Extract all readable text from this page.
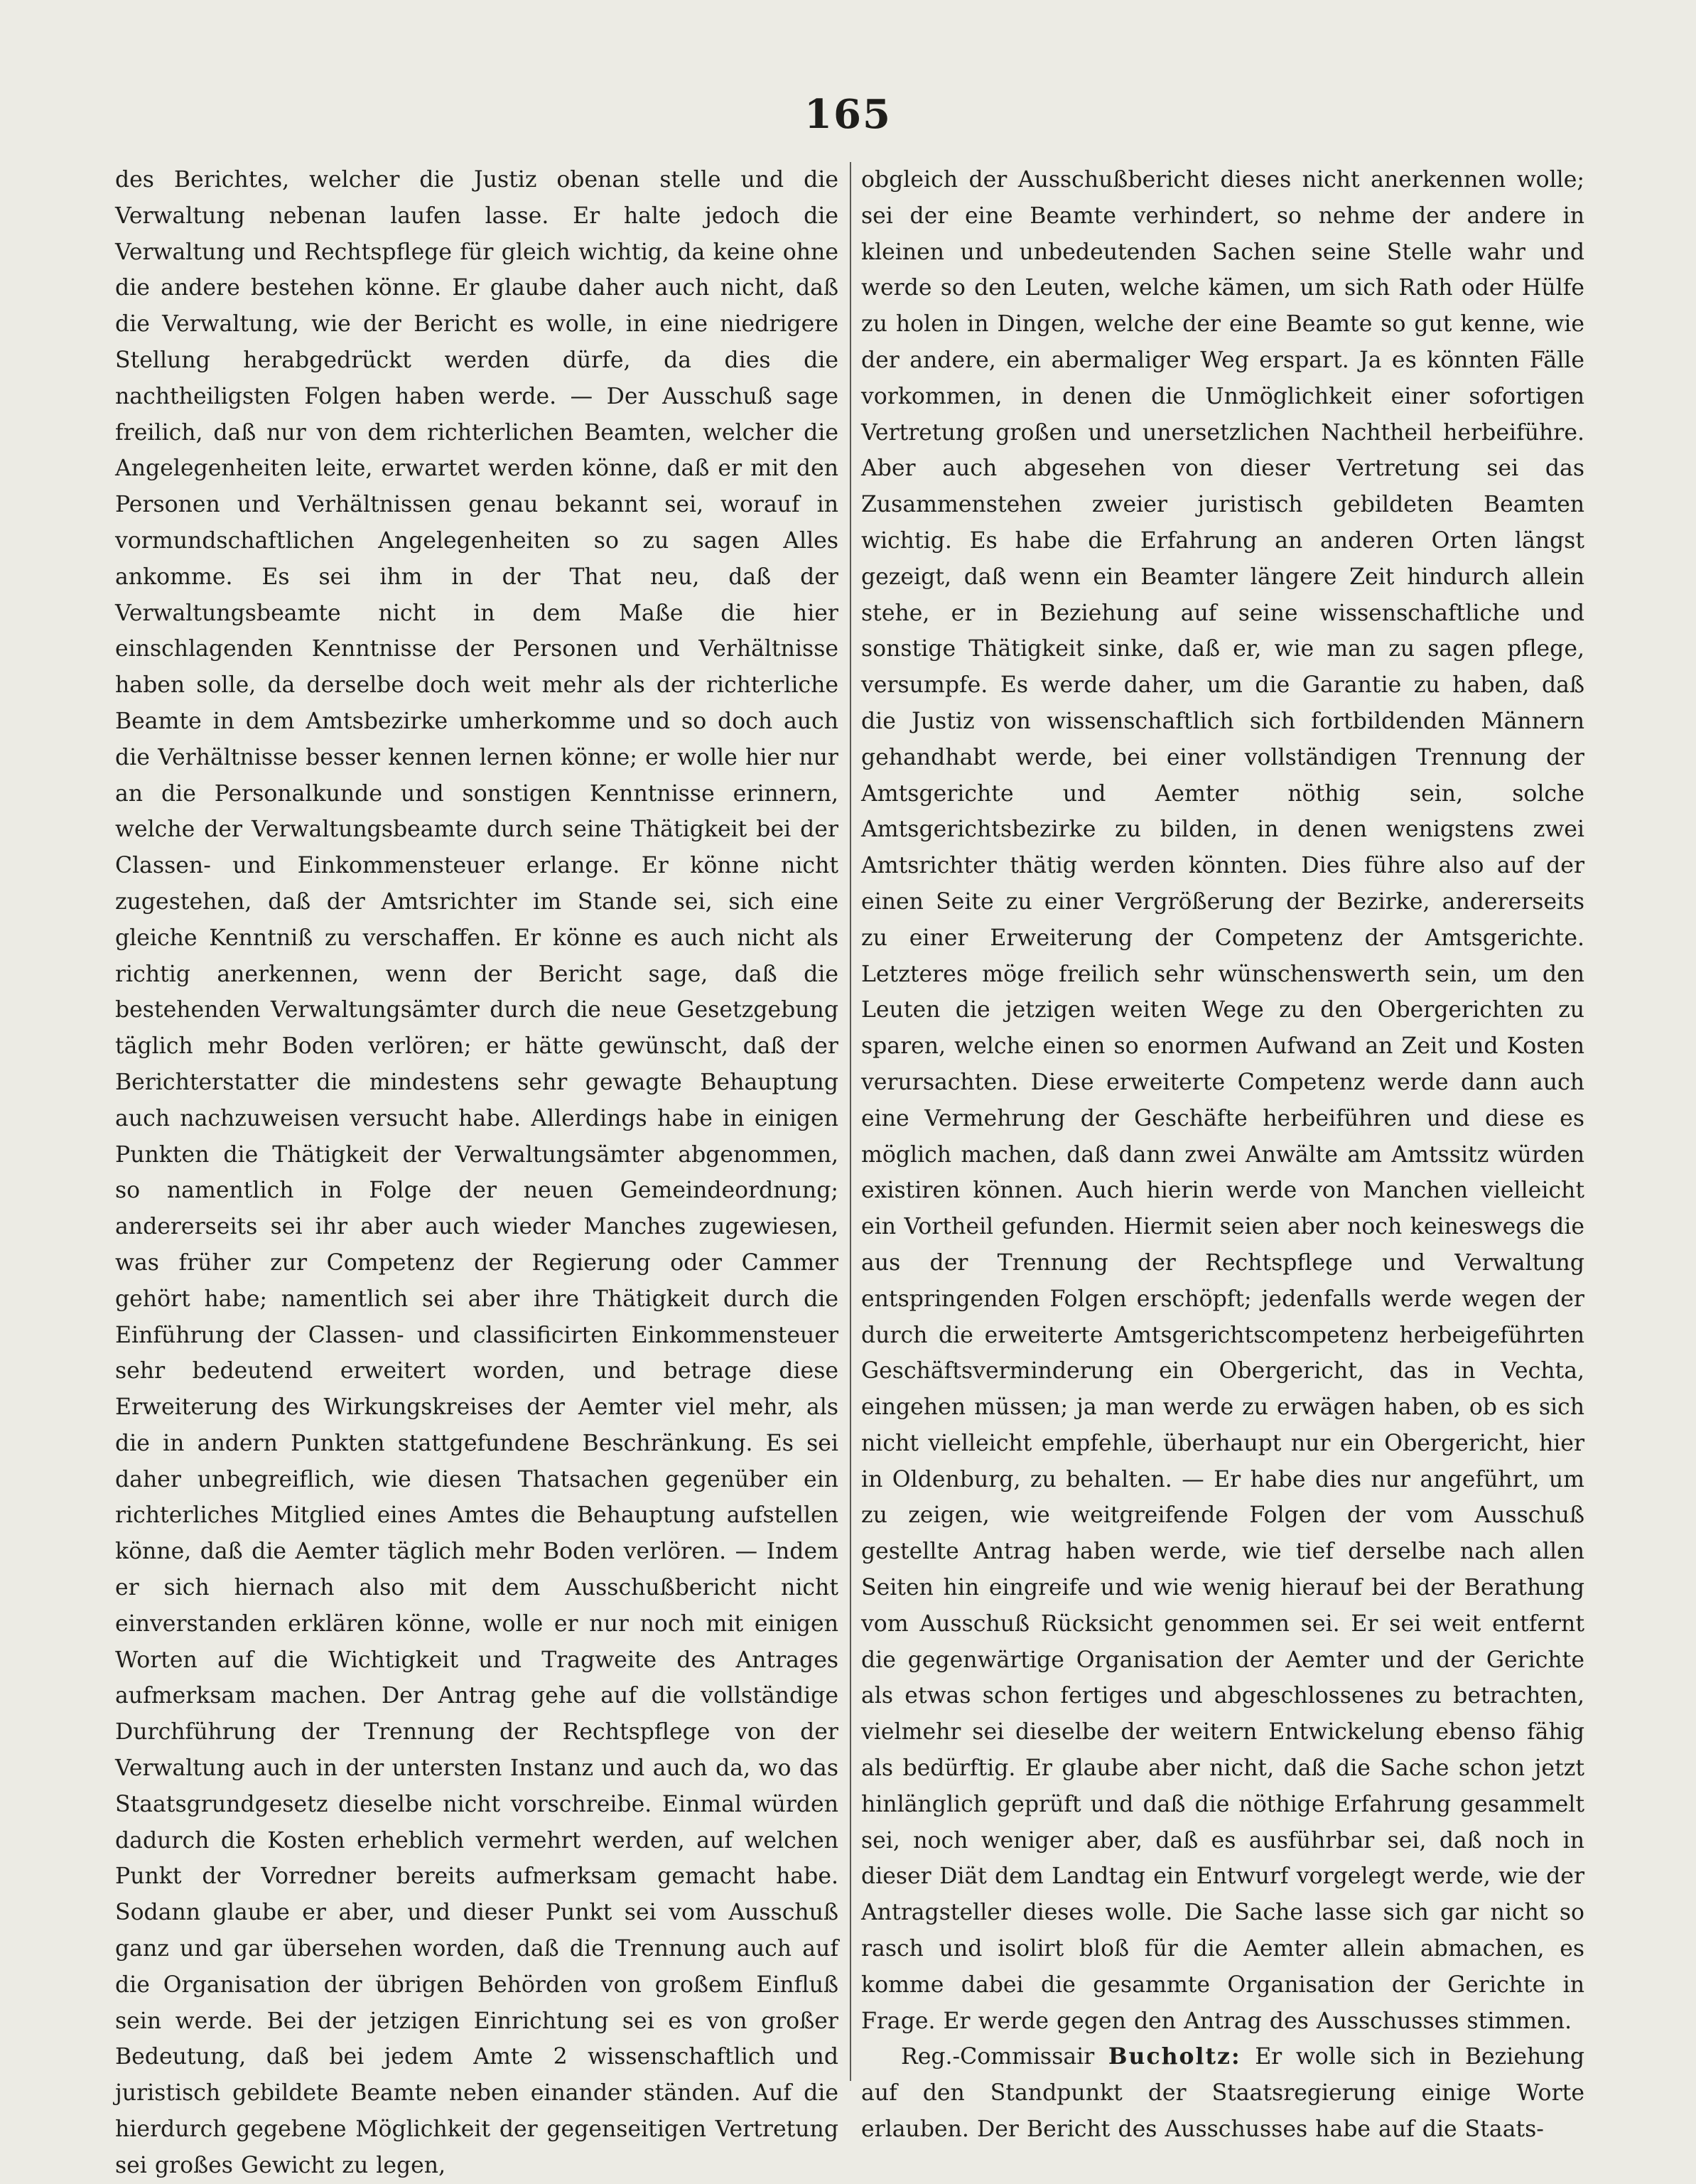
165

des Berichtes, welcher die Justiz obenan stelle und die Verwaltung nebenan laufen lasse. Er halte jedoch die Verwaltung und Rechtspflege für gleich wichtig, da keine ohne die andere bestehen könne. Er glaube daher auch nicht, daß die Verwaltung, wie der Bericht es wolle, in eine niedrigere Stellung herabgedrückt werden dürfe, da dies die nachtheiligsten Folgen haben werde. — Der Ausschuß sage freilich, daß nur von dem richterlichen Beamten, welcher die Angelegenheiten leite, erwartet werden könne, daß er mit den Personen und Verhältnissen genau bekannt sei, worauf in vormundschaftlichen Angelegenheiten so zu sagen Alles ankomme. Es sei ihm in der That neu, daß der Verwaltungsbeamte nicht in dem Maße die hier einschlagenden Kenntnisse der Personen und Verhältnisse haben solle, da derselbe doch weit mehr als der richterliche Beamte in dem Amtsbezirke umherkomme und so doch auch die Verhältnisse besser kennen lernen könne; er wolle hier nur an die Personalkunde und sonstigen Kenntnisse erinnern, welche der Verwaltungsbeamte durch seine Thätigkeit bei der Classen- und Einkommensteuer erlange. Er könne nicht zugestehen, daß der Amtsrichter im Stande sei, sich eine gleiche Kenntniß zu verschaffen. Er könne es auch nicht als richtig anerkennen, wenn der Bericht sage, daß die bestehenden Verwaltungsämter durch die neue Gesetzgebung täglich mehr Boden verlören; er hätte gewünscht, daß der Berichterstatter die mindestens sehr gewagte Behauptung auch nachzuweisen versucht habe. Allerdings habe in einigen Punkten die Thätigkeit der Verwaltungsämter abgenommen, so namentlich in Folge der neuen Gemeindeordnung; andererseits sei ihr aber auch wieder Manches zugewiesen, was früher zur Competenz der Regierung oder Cammer gehört habe; namentlich sei aber ihre Thätigkeit durch die Einführung der Classen- und classificirten Einkommensteuer sehr bedeutend erweitert worden, und betrage diese Erweiterung des Wirkungskreises der Aemter viel mehr, als die in andern Punkten stattgefundene Beschränkung. Es sei daher unbegreiflich, wie diesen Thatsachen gegenüber ein richterliches Mitglied eines Amtes die Behauptung aufstellen könne, daß die Aemter täglich mehr Boden verlören. — Indem er sich hiernach also mit dem Ausschußbericht nicht einverstanden erklären könne, wolle er nur noch mit einigen Worten auf die Wichtigkeit und Tragweite des Antrages aufmerksam machen. Der Antrag gehe auf die vollständige Durchführung der Trennung der Rechtspflege von der Verwaltung auch in der untersten Instanz und auch da, wo das Staatsgrundgesetz dieselbe nicht vorschreibe. Einmal würden dadurch die Kosten erheblich vermehrt werden, auf welchen Punkt der Vorredner bereits aufmerksam gemacht habe. Sodann glaube er aber, und dieser Punkt sei vom Ausschuß ganz und gar übersehen worden, daß die Trennung auch auf die Organisation der übrigen Behörden von großem Einfluß sein werde. Bei der jetzigen Einrichtung sei es von großer Bedeutung, daß bei jedem Amte 2 wissenschaftlich und juristisch gebildete Beamte neben einander ständen. Auf die hierdurch gegebene Möglichkeit der gegenseitigen Vertretung sei großes Gewicht zu legen,

obgleich der Ausschußbericht dieses nicht anerkennen wolle; sei der eine Beamte verhindert, so nehme der andere in kleinen und unbedeutenden Sachen seine Stelle wahr und werde so den Leuten, welche kämen, um sich Rath oder Hülfe zu holen in Dingen, welche der eine Beamte so gut kenne, wie der andere, ein abermaliger Weg erspart. Ja es könnten Fälle vorkommen, in denen die Unmöglichkeit einer sofortigen Vertretung großen und unersetzlichen Nachtheil herbeiführe. Aber auch abgesehen von dieser Vertretung sei das Zusammenstehen zweier juristisch gebildeten Beamten wichtig. Es habe die Erfahrung an anderen Orten längst gezeigt, daß wenn ein Beamter längere Zeit hindurch allein stehe, er in Beziehung auf seine wissenschaftliche und sonstige Thätigkeit sinke, daß er, wie man zu sagen pflege, versumpfe. Es werde daher, um die Garantie zu haben, daß die Justiz von wissenschaftlich sich fortbildenden Männern gehandhabt werde, bei einer vollständigen Trennung der Amtsgerichte und Aemter nöthig sein, solche Amtsgerichtsbezirke zu bilden, in denen wenigstens zwei Amtsrichter thätig werden könnten. Dies führe also auf der einen Seite zu einer Vergrößerung der Bezirke, andererseits zu einer Erweiterung der Competenz der Amtsgerichte. Letzteres möge freilich sehr wünschenswerth sein, um den Leuten die jetzigen weiten Wege zu den Obergerichten zu sparen, welche einen so enormen Aufwand an Zeit und Kosten verursachten. Diese erweiterte Competenz werde dann auch eine Vermehrung der Geschäfte herbeiführen und diese es möglich machen, daß dann zwei Anwälte am Amtssitz würden existiren können. Auch hierin werde von Manchen vielleicht ein Vortheil gefunden. Hiermit seien aber noch keineswegs die aus der Trennung der Rechtspflege und Verwaltung entspringenden Folgen erschöpft; jedenfalls werde wegen der durch die erweiterte Amtsgerichtscompetenz herbeigeführten Geschäftsverminderung ein Obergericht, das in Vechta, eingehen müssen; ja man werde zu erwägen haben, ob es sich nicht vielleicht empfehle, überhaupt nur ein Obergericht, hier in Oldenburg, zu behalten. — Er habe dies nur angeführt, um zu zeigen, wie weitgreifende Folgen der vom Ausschuß gestellte Antrag haben werde, wie tief derselbe nach allen Seiten hin eingreife und wie wenig hierauf bei der Berathung vom Ausschuß Rücksicht genommen sei. Er sei weit entfernt die gegenwärtige Organisation der Aemter und der Gerichte als etwas schon fertiges und abgeschlossenes zu betrachten, vielmehr sei dieselbe der weitern Entwickelung ebenso fähig als bedürftig. Er glaube aber nicht, daß die Sache schon jetzt hinlänglich geprüft und daß die nöthige Erfahrung gesammelt sei, noch weniger aber, daß es ausführbar sei, daß noch in dieser Diät dem Landtag ein Entwurf vorgelegt werde, wie der Antragsteller dieses wolle. Die Sache lasse sich gar nicht so rasch und isolirt bloß für die Aemter allein abmachen, es komme dabei die gesammte Organisation der Gerichte in Frage. Er werde gegen den Antrag des Ausschusses stimmen.

Reg.-Commissair Bucholtz: Er wolle sich in Beziehung auf den Standpunkt der Staatsregierung einige Worte erlauben. Der Bericht des Ausschusses habe auf die Staats-
